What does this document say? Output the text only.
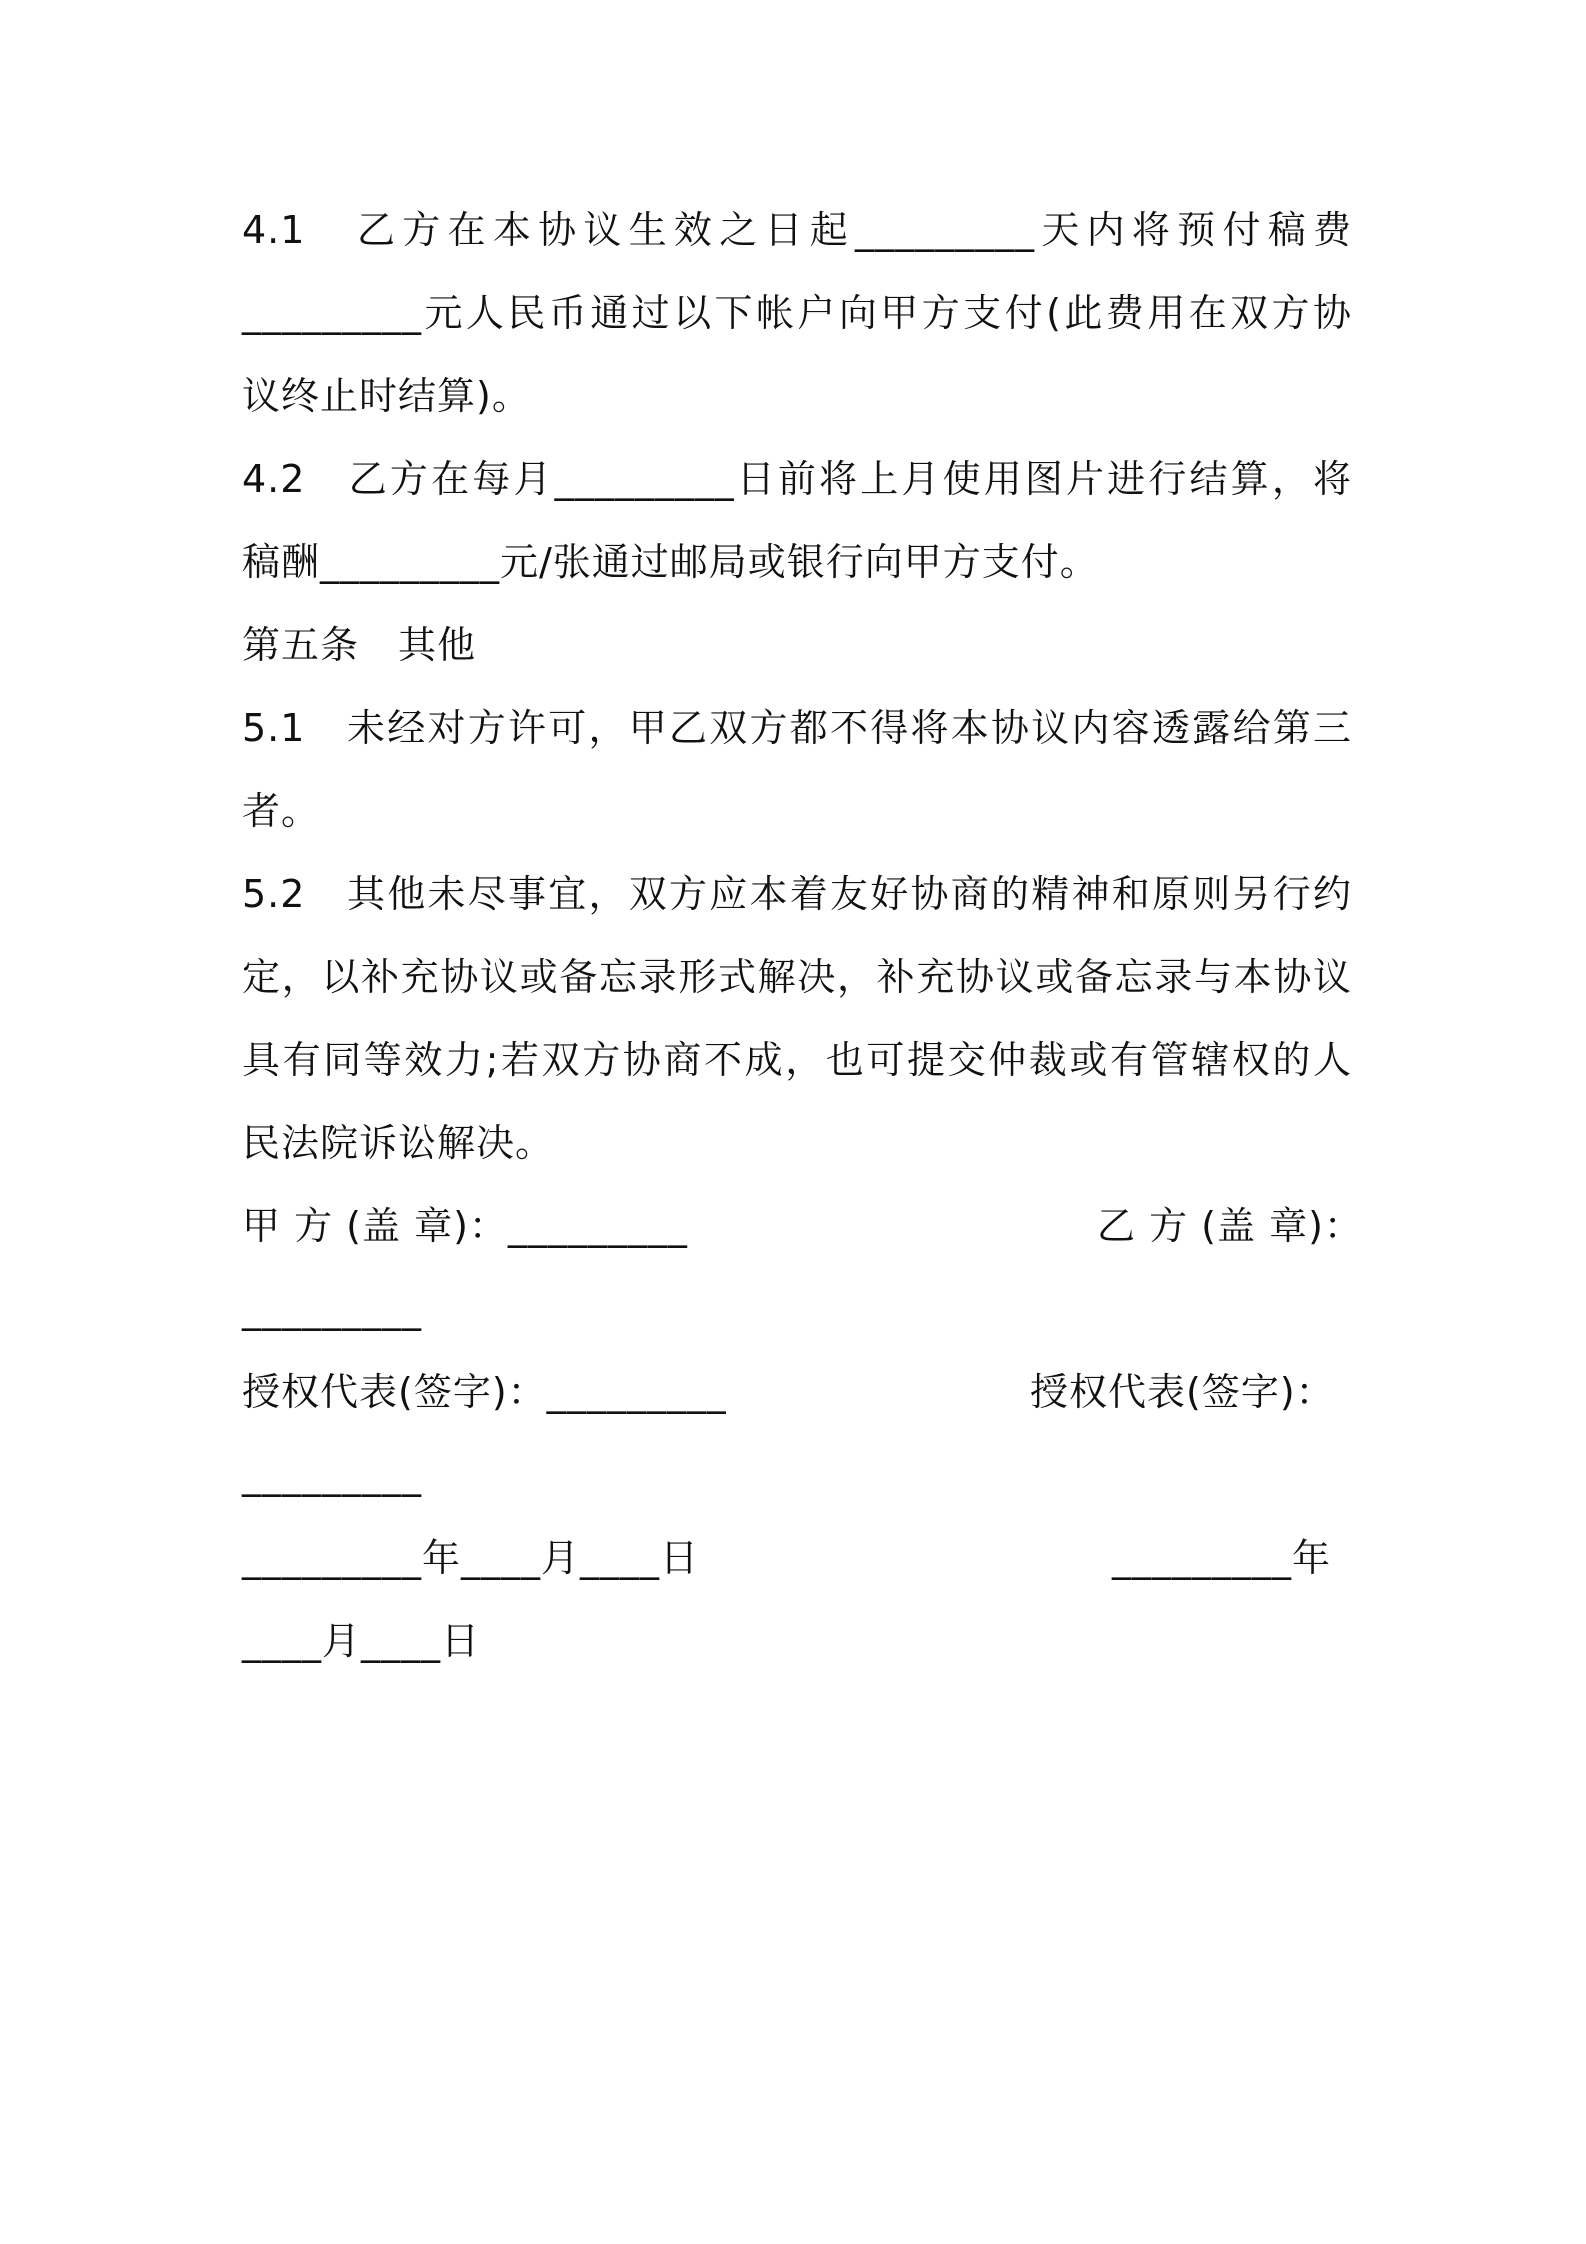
4.1　乙方在本协议生效之日起_________天内将预付稿费
_________元人民币通过以下帐户向甲方支付(此费用在双方协
议终止时结算)。
4.2　乙方在每月_________日前将上月使用图片进行结算，将
稿酬_________元/张通过邮局或银行向甲方支付。
第五条　其他
5.1　未经对方许可，甲乙双方都不得将本协议内容透露给第三
者。
5.2　其他未尽事宜，双方应本着友好协商的精神和原则另行约
定，以补充协议或备忘录形式解决，补充协议或备忘录与本协议
具有同等效力;若双方协商不成，也可提交仲裁或有管辖权的人
民法院诉讼解决。
甲 方 (盖 章)：_________	乙 方 (盖 章)：
_________
授权代表(签字)：_________	授权代表(签字)：
_________
_________年____月____日	_________年
____月____日
